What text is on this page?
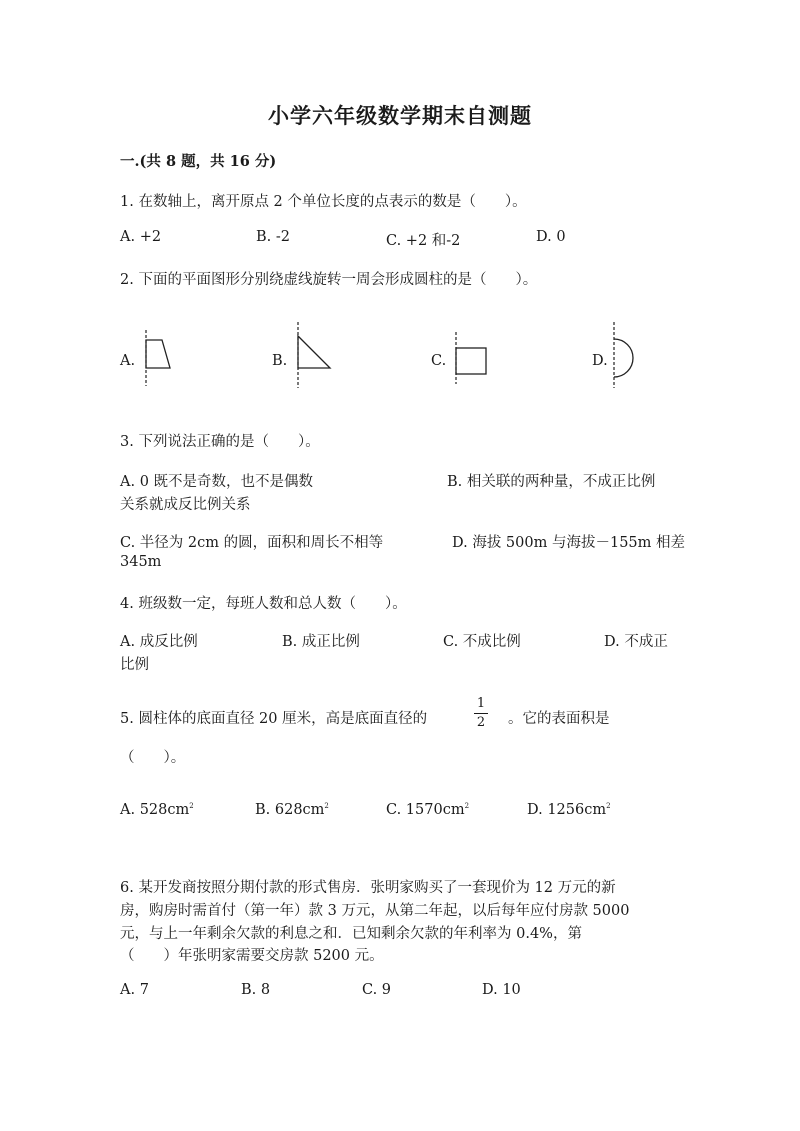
小学六年级数学期末自测题
一.(共 8 题，共 16 分)
1. 在数轴上，离开原点 2 个单位长度的点表示的数是（　　）。
A. +2	B. -2	C. +2 和-2	D. 0
2. 下面的平面图形分别绕虚线旋转一周会形成圆柱的是（　　）。
A.	B.	C.	D.
3. 下列说法正确的是（　　）。
A. 0 既不是奇数，也不是偶数	B. 相关联的两种量，不成正比例
关系就成反比例关系
C. 半径为 2cm 的圆，面积和周长不相等	D. 海拔 500m 与海拔－155m 相差
345m
4. 班级数一定，每班人数和总人数（　　）。
A. 成反比例	B. 成正比例	C. 不成比例	D. 不成正
比例
5. 圆柱体的底面直径 20 厘米，高是底面直径的
1
2 。它的表面积是
（　　）。
A. $528cm^2$	B. $628cm^2$	C. $1570cm^2$	D. $1256cm^2$
6. 某开发商按照分期付款的形式售房．张明家购买了一套现价为 12 万元的新
房，购房时需首付（第一年）款 3 万元，从第二年起，以后每年应付房款 5000
元，与上一年剩余欠款的利息之和．已知剩余欠款的年利率为 0.4%，第
（　　）年张明家需要交房款 5200 元。
A. 7	B. 8	C. 9	D. 10
